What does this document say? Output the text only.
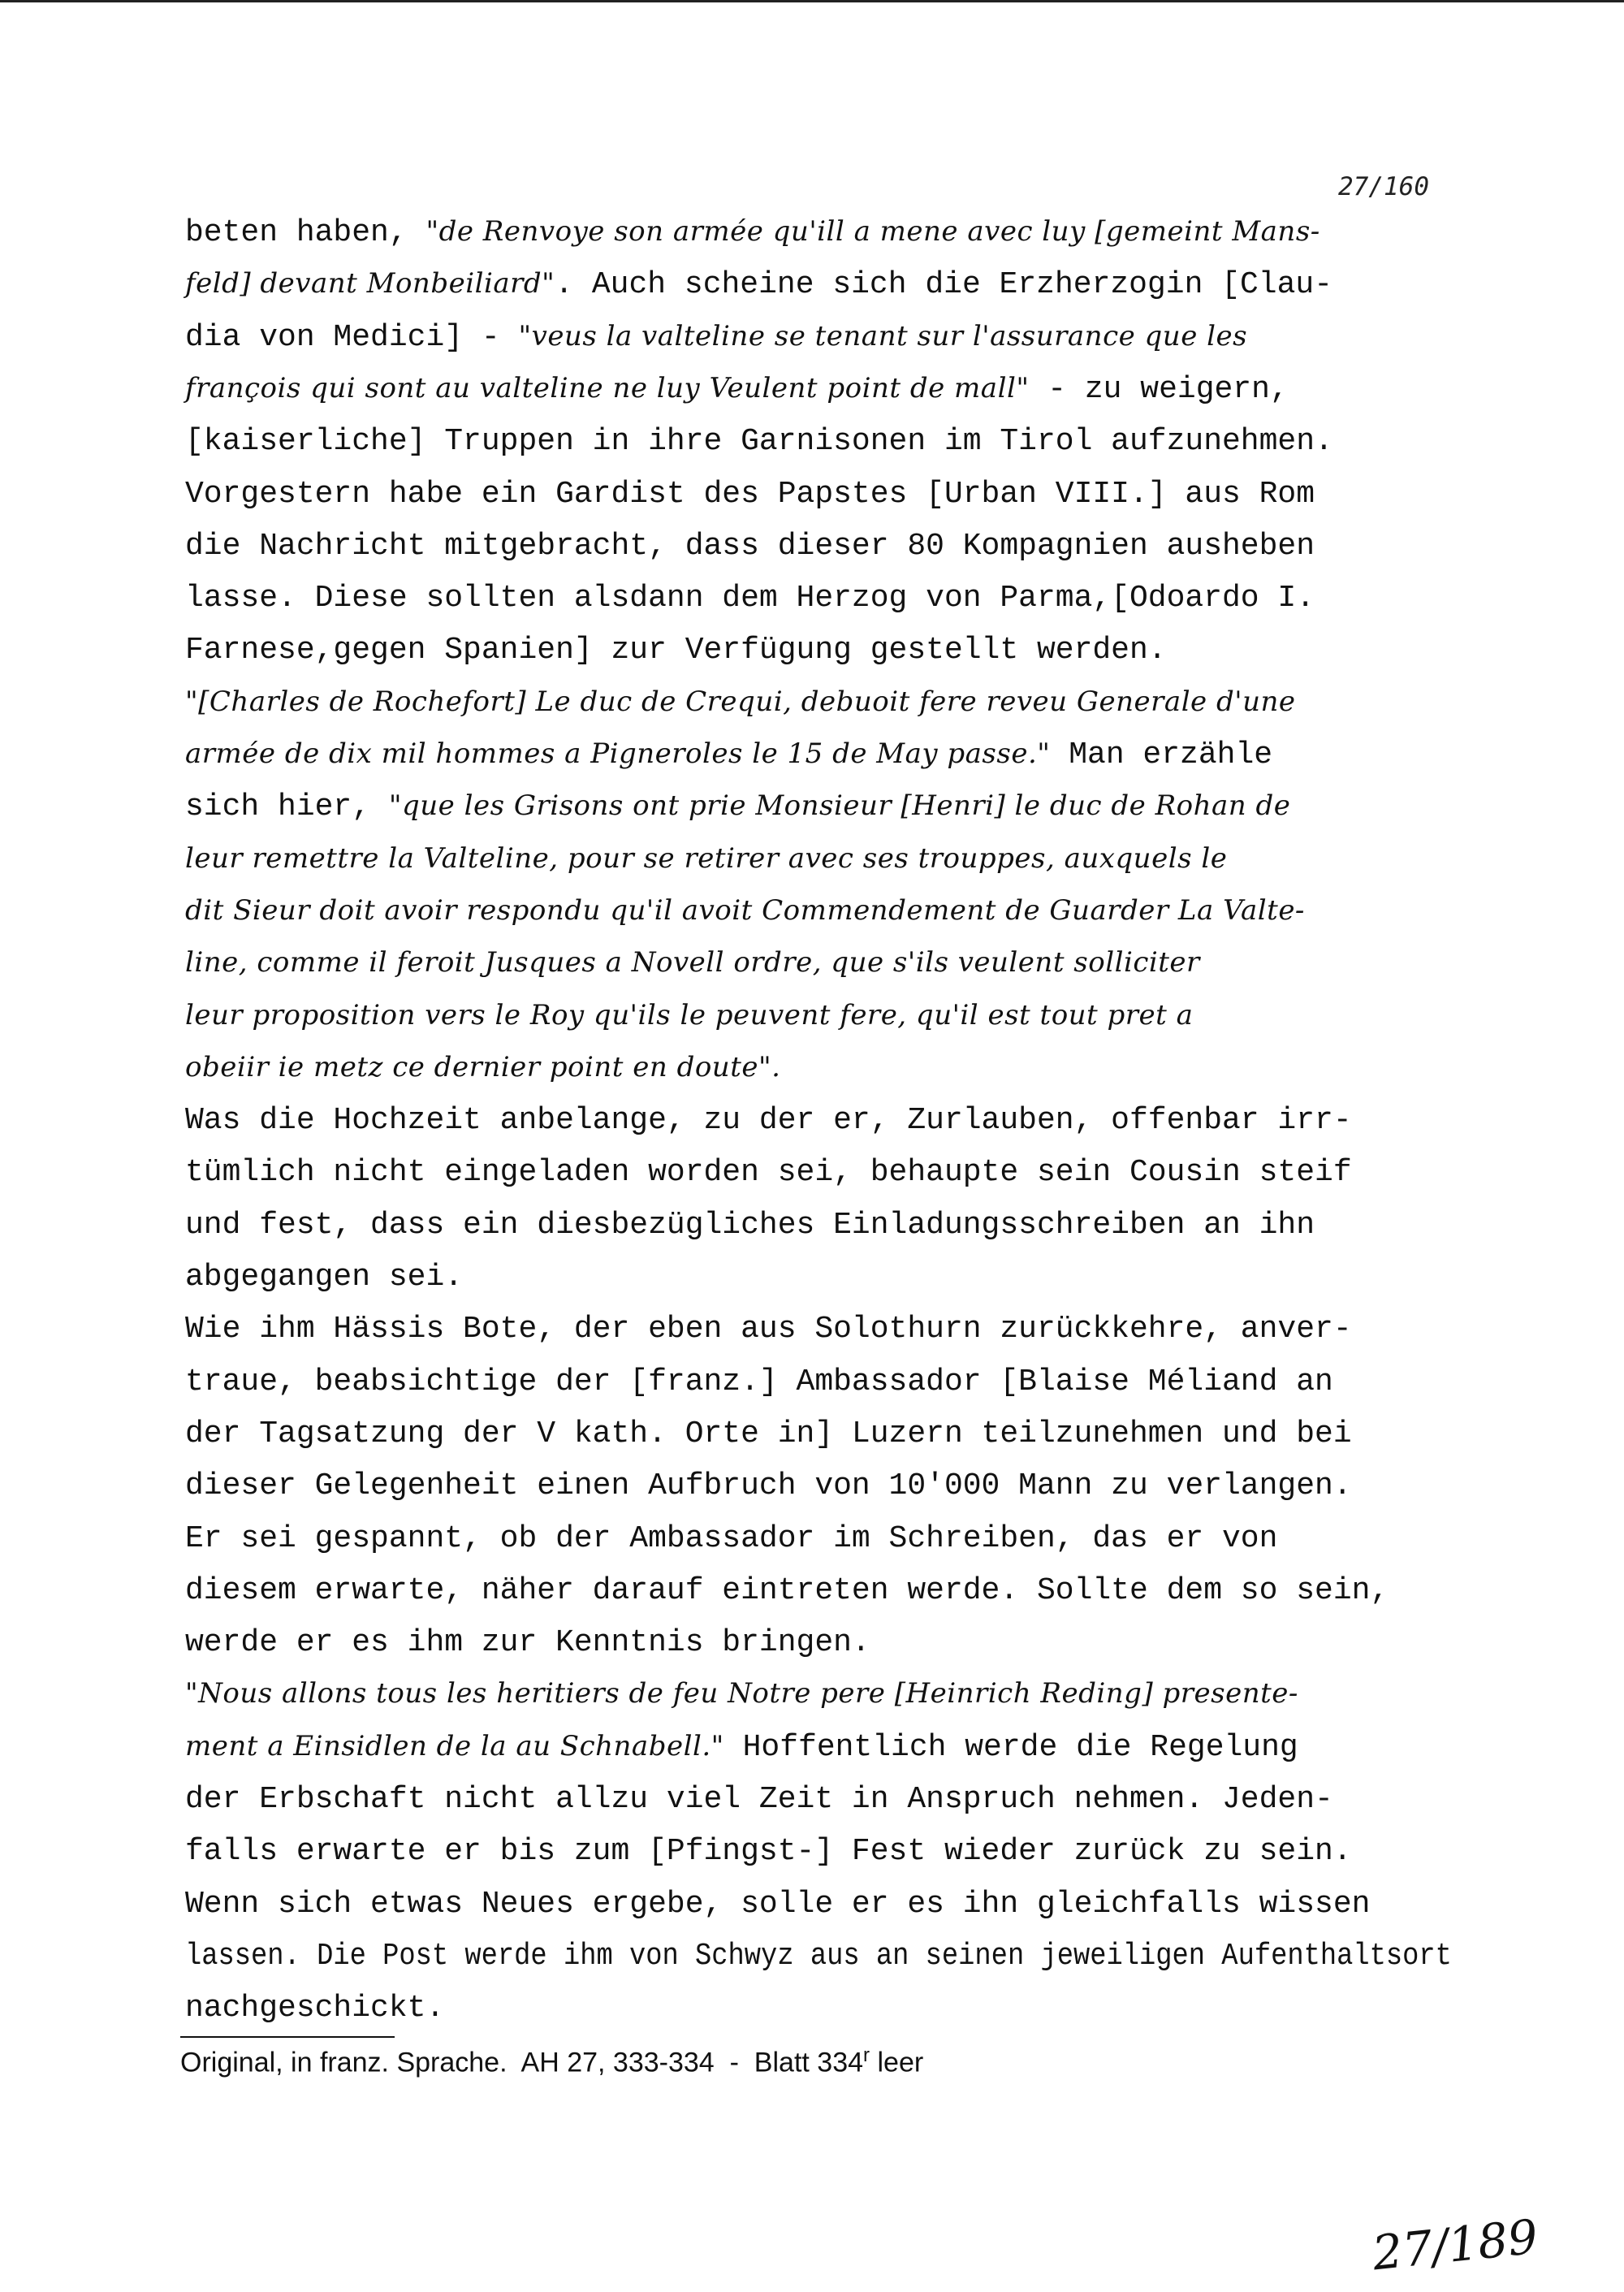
27/160
beten haben, "de Renvoye son armée qu'ill a mene avec luy [gemeint Mans-
feld] devant Monbeiliard". Auch scheine sich die Erzherzogin [Clau-
dia von Medici] - "veus la valteline se tenant sur l'assurance que les
françois qui sont au valteline ne luy Veulent point de mall" - zu weigern,
[kaiserliche] Truppen in ihre Garnisonen im Tirol aufzunehmen.
Vorgestern habe ein Gardist des Papstes [Urban VIII.] aus Rom
die Nachricht mitgebracht, dass dieser 80 Kompagnien ausheben
lasse. Diese sollten alsdann dem Herzog von Parma,[Odoardo I.
Farnese,gegen Spanien] zur Verfügung gestellt werden.
"[Charles de Rochefort] Le duc de Crequi, debuoit fere reveu Generale d'une
armée de dix mil hommes a Pigneroles le 15 de May passe." Man erzähle
sich hier, "que les Grisons ont prie Monsieur [Henri] le duc de Rohan de
leur remettre la Valteline, pour se retirer avec ses trouppes, auxquels le
dit Sieur doit avoir respondu qu'il avoit Commendement de Guarder La Valte-
line, comme il feroit Jusques a Novell ordre, que s'ils veulent solliciter
leur proposition vers le Roy qu'ils le peuvent fere, qu'il est tout pret a
obeiir ie metz ce dernier point en doute".
Was die Hochzeit anbelange, zu der er, Zurlauben, offenbar irr-
tümlich nicht eingeladen worden sei, behaupte sein Cousin steif
und fest, dass ein diesbezügliches Einladungsschreiben an ihn
abgegangen sei.
Wie ihm Hässis Bote, der eben aus Solothurn zurückkehre, anver-
traue, beabsichtige der [franz.] Ambassador [Blaise Méliand an
der Tagsatzung der V kath. Orte in] Luzern teilzunehmen und bei
dieser Gelegenheit einen Aufbruch von 10'000 Mann zu verlangen.
Er sei gespannt, ob der Ambassador im Schreiben, das er von
diesem erwarte, näher darauf eintreten werde. Sollte dem so sein,
werde er es ihm zur Kenntnis bringen.
"Nous allons tous les heritiers de feu Notre pere [Heinrich Reding] presente-
ment a Einsidlen de la au Schnabell." Hoffentlich werde die Regelung
der Erbschaft nicht allzu viel Zeit in Anspruch nehmen. Jeden-
falls erwarte er bis zum [Pfingst-] Fest wieder zurück zu sein.
Wenn sich etwas Neues ergebe, solle er es ihn gleichfalls wissen
lassen. Die Post werde ihm von Schwyz aus an seinen jeweiligen Aufenthaltsort
nachgeschickt.
Original, in franz. Sprache.  AH 27, 333-334  -  Blatt 334$^r$ leer
27/189
